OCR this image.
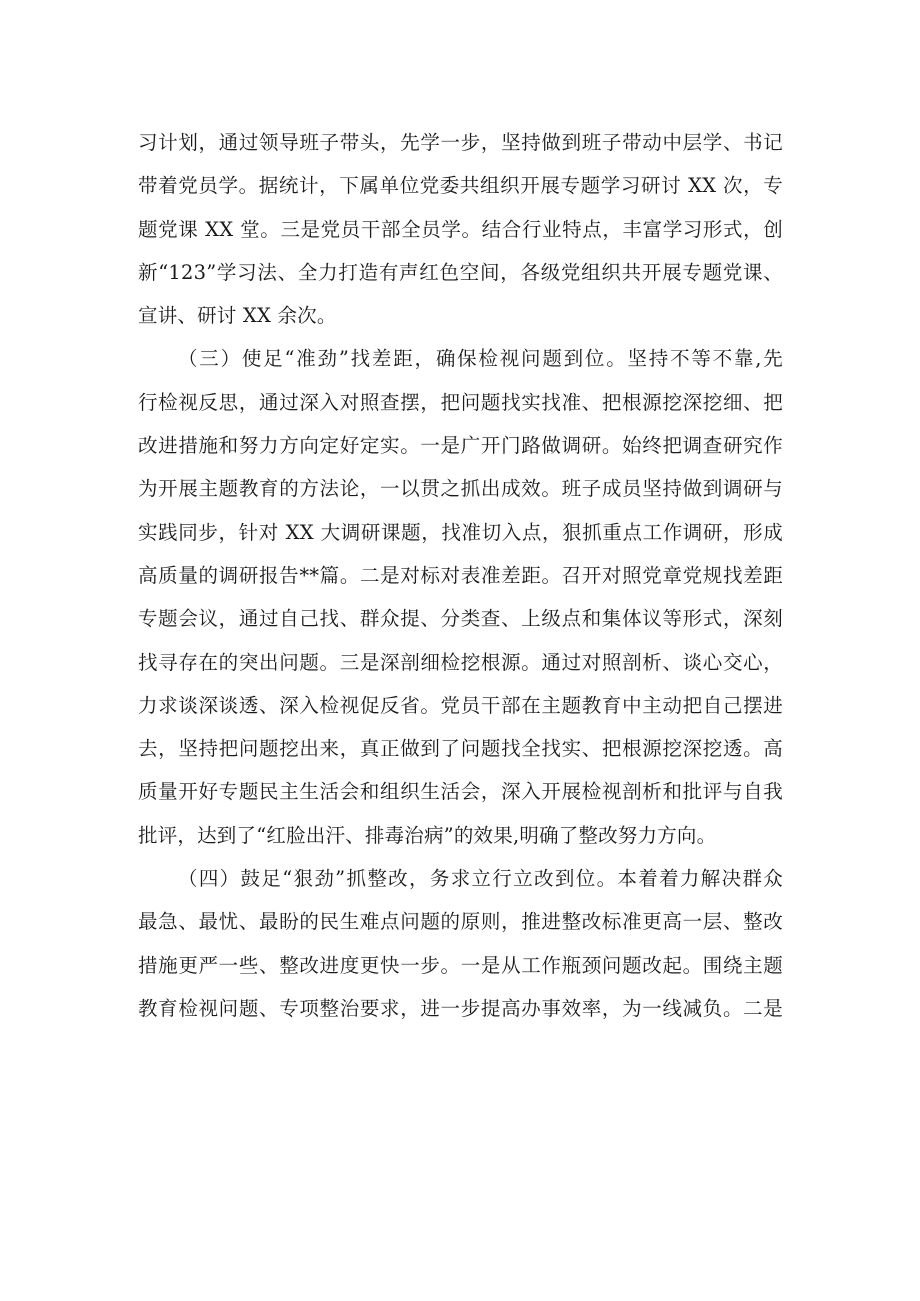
习计划，通过领导班子带头，先学一步，坚持做到班子带动中层学、书记
带着党员学。据统计，下属单位党委共组织开展专题学习研讨 XX 次，专
题党课 XX 堂。三是党员干部全员学。结合行业特点，丰富学习形式，创
新“123”学习法、全力打造有声红色空间，各级党组织共开展专题党课、
宣讲、研讨 XX 余次。
（三）使足“准劲”找差距，确保检视问题到位。坚持不等不靠,先
行检视反思，通过深入对照查摆，把问题找实找准、把根源挖深挖细、把
改进措施和努力方向定好定实。一是广开门路做调研。始终把调查研究作
为开展主题教育的方法论，一以贯之抓出成效。班子成员坚持做到调研与
实践同步，针对 XX 大调研课题，找准切入点，狠抓重点工作调研，形成
高质量的调研报告**篇。二是对标对表准差距。召开对照党章党规找差距
专题会议，通过自己找、群众提、分类查、上级点和集体议等形式，深刻
找寻存在的突出问题。三是深剖细检挖根源。通过对照剖析、谈心交心，
力求谈深谈透、深入检视促反省。党员干部在主题教育中主动把自己摆进
去，坚持把问题挖出来，真正做到了问题找全找实、把根源挖深挖透。高
质量开好专题民主生活会和组织生活会，深入开展检视剖析和批评与自我
批评，达到了“红脸出汗、排毒治病”的效果,明确了整改努力方向。
（四）鼓足“狠劲”抓整改，务求立行立改到位。本着着力解决群众
最急、最忧、最盼的民生难点问题的原则，推进整改标准更高一层、整改
措施更严一些、整改进度更快一步。一是从工作瓶颈问题改起。围绕主题
教育检视问题、专项整治要求，进一步提高办事效率，为一线减负。二是
